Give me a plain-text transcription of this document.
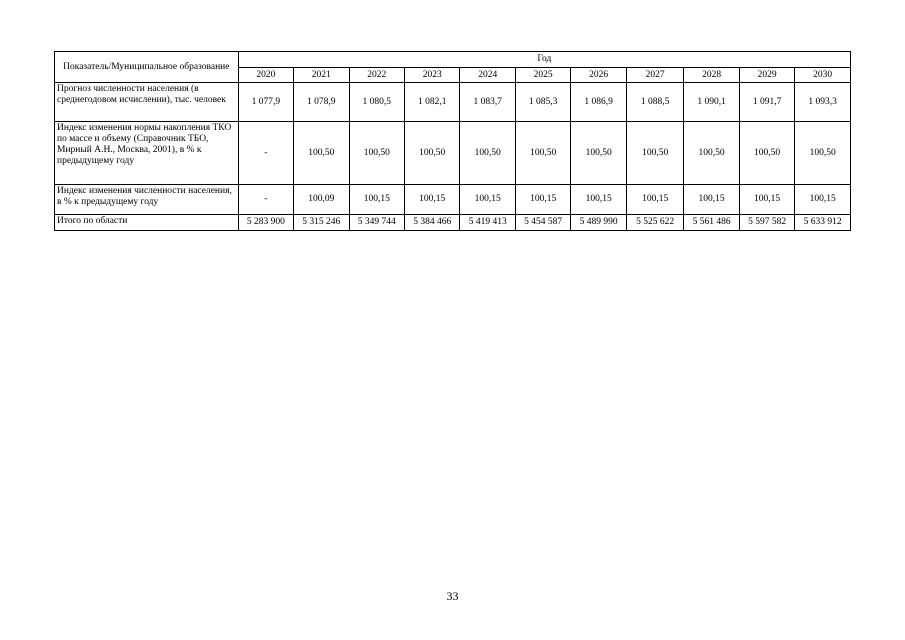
Показатель/Муниципальное образование	Год										
	2020	2021	2022	2023	2024	2025	2026	2027	2028	2029	2030
Прогноз численности населения (в среднегодовом исчислении), тыс. человек	1 077,9	1 078,9	1 080,5	1 082,1	1 083,7	1 085,3	1 086,9	1 088,5	1 090,1	1 091,7	1 093,3
Индекс изменения нормы накопления ТКО по массе и объему (Справочник ТБО, Мирный А.Н., Москва, 2001), в % к предыдущему году	-	100,50	100,50	100,50	100,50	100,50	100,50	100,50	100,50	100,50	100,50
Индекс изменения численности населения, в % к предыдущему году	-	100,09	100,15	100,15	100,15	100,15	100,15	100,15	100,15	100,15	100,15
Итого по области	5 283 900	5 315 246	5 349 744	5 384 466	5 419 413	5 454 587	5 489 990	5 525 622	5 561 486	5 597 582	5 633 912
33
